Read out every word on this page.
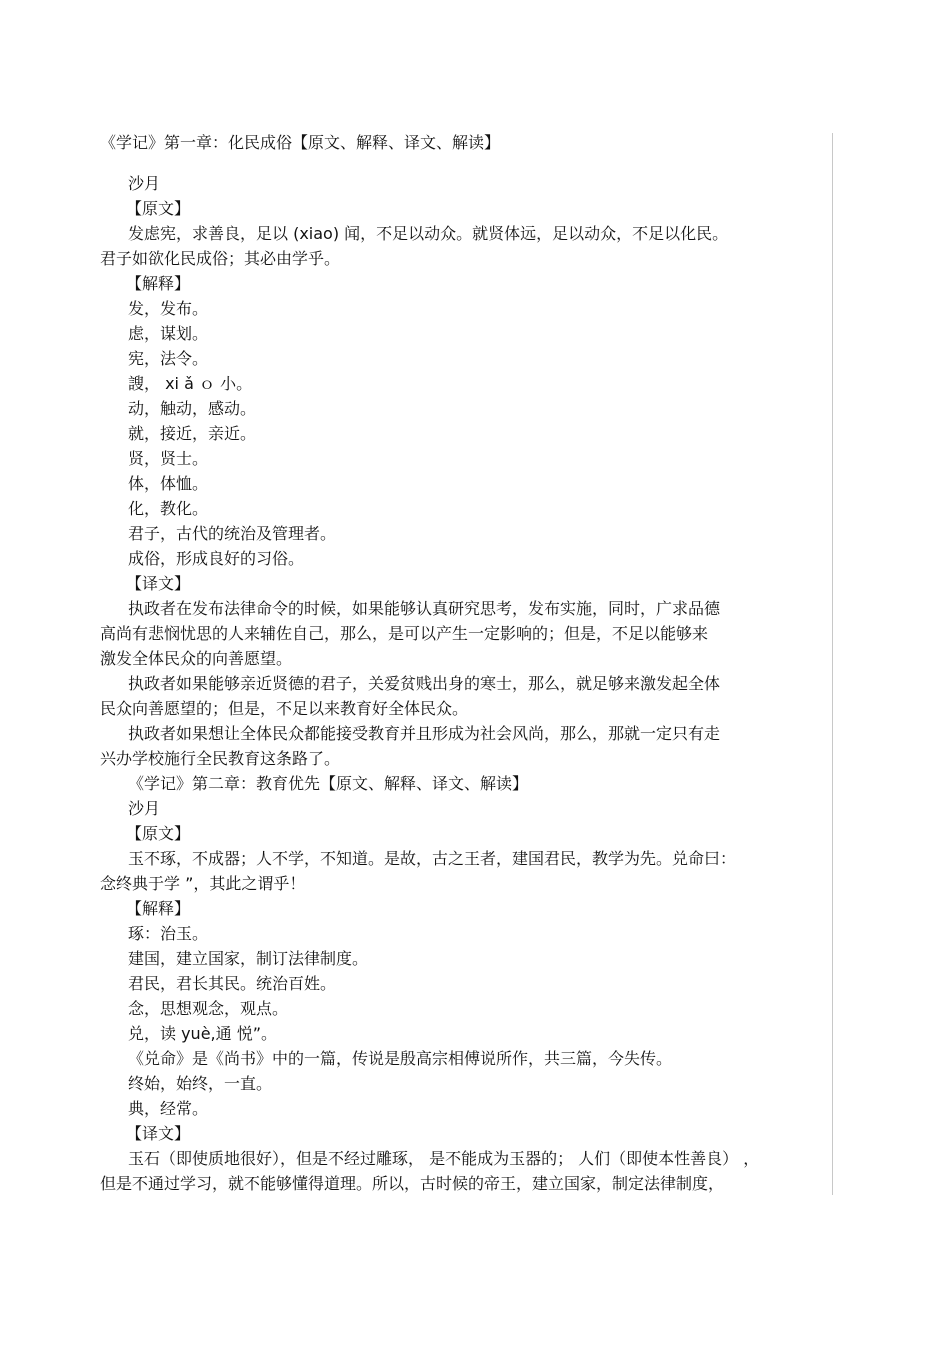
《学记》第一章：化民成俗【原文、解释、译文、解读】
沙月
【原文】
发虑宪，求善良，足以 (xiao) 闻，不足以动众。就贤体远，足以动众，不足以化民。
君子如欲化民成俗；其必由学乎。
【解释】
发，发布。
虑，谋划。
宪，法令。
謏， xi ǎ ｏ 小。
动，触动，感动。
就，接近，亲近。
贤，贤士。
体，体恤。
化，教化。
君子，古代的统治及管理者。
成俗，形成良好的习俗。
【译文】
执政者在发布法律命令的时候，如果能够认真研究思考，发布实施，同时，广求品德
高尚有悲悯忧思的人来辅佐自己，那么，是可以产生一定影响的；但是，不足以能够来
激发全体民众的向善愿望。
执政者如果能够亲近贤德的君子，关爱贫贱出身的寒士，那么，就足够来激发起全体
民众向善愿望的；但是，不足以来教育好全体民众。
执政者如果想让全体民众都能接受教育并且形成为社会风尚，那么，那就一定只有走
兴办学校施行全民教育这条路了。
《学记》第二章：教育优先【原文、解释、译文、解读】
沙月
【原文】
玉不琢，不成器；人不学，不知道。是故，古之王者，建国君民，教学为先。兑命曰：
念终典于学 ”，其此之谓乎！
【解释】
琢：治玉。
建国，建立国家，制订法律制度。
君民，君长其民。统治百姓。
念，思想观念，观点。
兑，读 yuè,通 悦”。
《兑命》是《尚书》中的一篇，传说是殷高宗相傅说所作，共三篇，今失传。
终始，始终，一直。
典，经常。
【译文】
玉石（即使质地很好），但是不经过雕琢， 是不能成为玉器的； 人们（即使本性善良） ，
但是不通过学习，就不能够懂得道理。所以，古时候的帝王，建立国家，制定法律制度，
